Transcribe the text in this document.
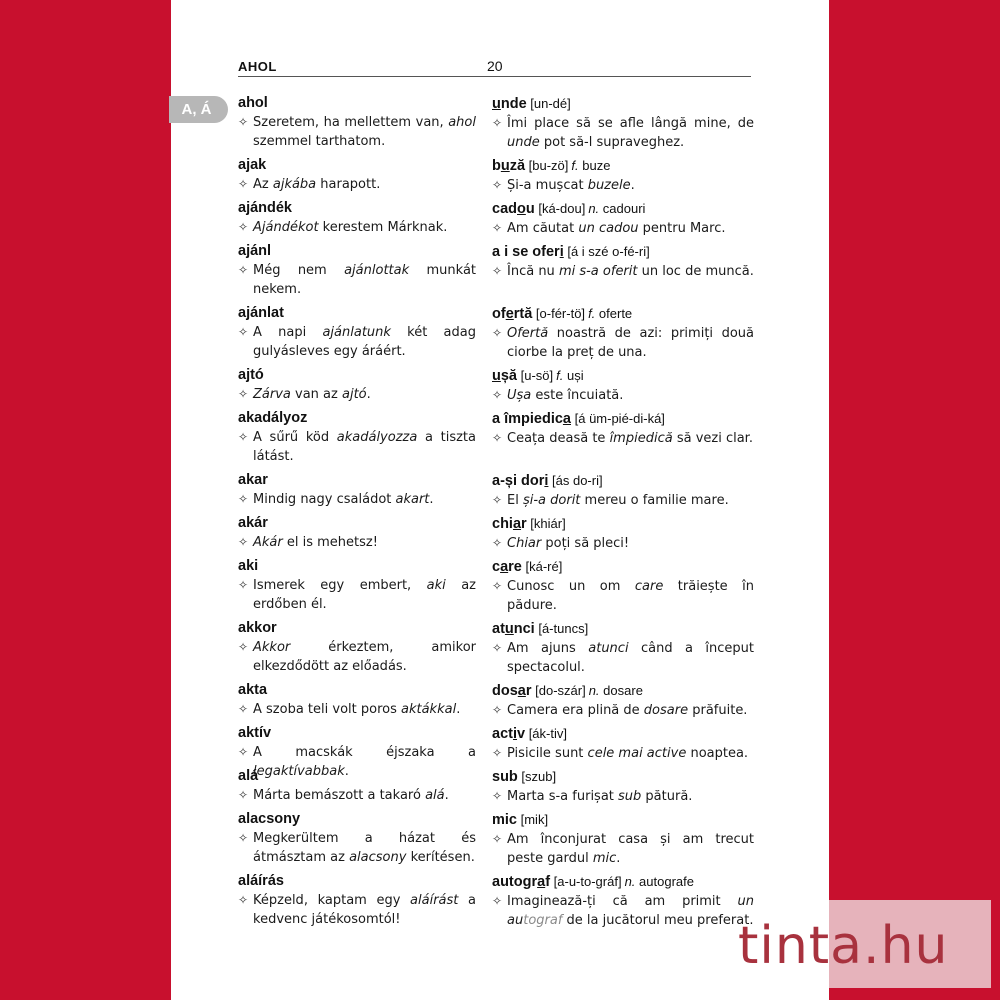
AHOL	20
A, Á	ahol
✧ Szeretem, ha mellettem van, ahol szemmel tarthatom.
ajak
✧ Az ajkába harapott.
ajándék
✧ Ajándékot kerestem Márknak.
ajánl
✧ Még nem ajánlottak munkát nekem.
ajánlat
✧ A napi ajánlatunk két adag gulyásleves egy áráért.
ajtó
✧ Zárva van az ajtó.
akadályoz
✧ A sűrű köd akadályozza a tiszta látást.
akar
✧ Mindig nagy családot akart.
akár
✧ Akár el is mehetsz!
aki
✧ Ismerek egy embert, aki az erdőben él.
akkor
✧ Akkor érkeztem, amikor elkezdődött az előadás.
akta
✧ A szoba teli volt poros aktákkal.
aktív
✧ A macskák éjszaka a legaktívabbak.
alá
✧ Márta bemászott a takaró alá.
alacsony
✧ Megkerültem a házat és átmásztam az alacsony kerítésen.
aláírás
✧ Képzeld, kaptam egy aláírást a kedvenc játékosomtól!
unde [un-dé]
✧ Îmi place să se afle lângă mine, de unde pot să-l supraveghez.
buză [bu-zö] f. buze
✧ Și-a mușcat buzele.
cadou [ká-dou] n. cadouri
✧ Am căutat un cadou pentru Marc.
a i se oferi [á i szé o-fé-ri]
✧ Încă nu mi s-a oferit un loc de muncă.
ofertă [o-fér-tö] f. oferte
✧ Ofertă noastră de azi: primiți două ciorbe la preț de una.
ușă [u-sö] f. uși
✧ Ușa este încuiată.
a împiedica [á üm-pié-di-ká]
✧ Ceața deasă te împiedică să vezi clar.
a-și dori [ás do-ri]
✧ El și-a dorit mereu o familie mare.
chiar [khiár]
✧ Chiar poți să pleci!
care [ká-ré]
✧ Cunosc un om care trăiește în pădure.
atunci [á-tuncs]
✧ Am ajuns atunci când a început spectacolul.
dosar [do-szár] n. dosare
✧ Camera era plină de dosare prăfuite.
activ [ák-tiv]
✧ Pisicile sunt cele mai active noaptea.
sub [szub]
✧ Marta s-a furișat sub pătură.
mic [mik]
✧ Am înconjurat casa și am trecut peste gardul mic.
autograf [a-u-to-gráf] n. autografe
✧ Imaginează-ți că am primit un autograf de la jucătorul meu preferat.
tinta.hu
